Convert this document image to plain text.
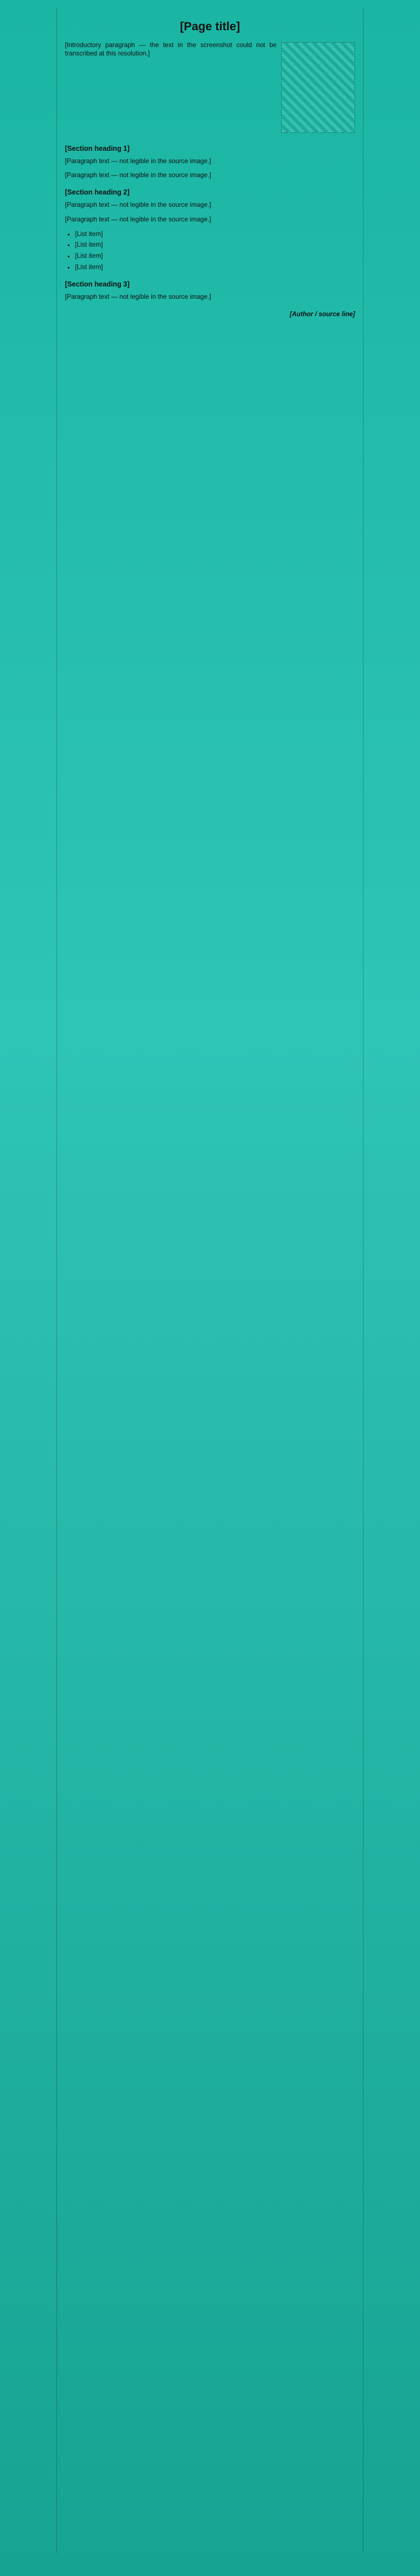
[Page title]
[Introductory paragraph — the text in the screenshot could not be transcribed at this resolution.]
[Section heading 1]

[Paragraph text — not legible in the source image.]

[Paragraph text — not legible in the source image.]

[Section heading 2]

[Paragraph text — not legible in the source image.]

[Paragraph text — not legible in the source image.]

• [List item]
• [List item]
• [List item]
• [List item]
[Section heading 3]

[Paragraph text — not legible in the source image.]

[Author / source line]
